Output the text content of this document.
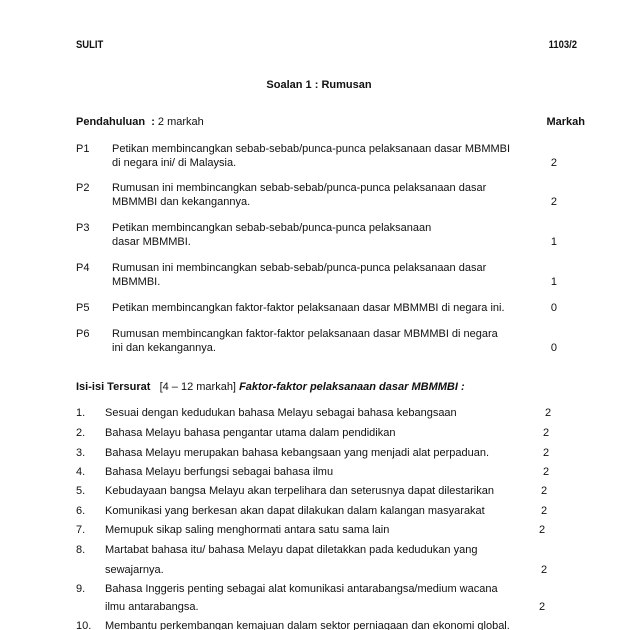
SULIT	1103/2
Soalan 1 : Rumusan
Pendahuluan : 2 markah	Markah
P1 Petikan membincangkan sebab-sebab/punca-punca pelaksanaan dasar MBMMBI
di negara ini/ di Malaysia.	2
P2 Rumusan ini membincangkan sebab-sebab/punca-punca pelaksanaan dasar
MBMMBI dan kekangannya.	2
P3 Petikan membincangkan sebab-sebab/punca-punca pelaksanaan
dasar MBMMBI.	1
P4 Rumusan ini membincangkan sebab-sebab/punca-punca pelaksanaan dasar
MBMMBI.	1
P5 Petikan membincangkan faktor-faktor pelaksanaan dasar MBMMBI di negara ini.	0
P6 Rumusan membincangkan faktor-faktor pelaksanaan dasar MBMMBI di negara
ini dan kekangannya.	0
Isi-isi Tersurat [4 – 12 markah] Faktor-faktor pelaksanaan dasar MBMMBI :
1. Sesuai dengan kedudukan bahasa Melayu sebagai bahasa kebangsaan	2
2. Bahasa Melayu bahasa pengantar utama dalam pendidikan	2
3. Bahasa Melayu merupakan bahasa kebangsaan yang menjadi alat perpaduan.	2
4. Bahasa Melayu berfungsi sebagai bahasa ilmu	2
5. Kebudayaan bangsa Melayu akan terpelihara dan seterusnya dapat dilestarikan	2
6. Komunikasi yang berkesan akan dapat dilakukan dalam kalangan masyarakat	2
7. Memupuk sikap saling menghormati antara satu sama lain	2
8. Martabat bahasa itu/ bahasa Melayu dapat diletakkan pada kedudukan yang
sewajarnya.	2
9. Bahasa Inggeris penting sebagai alat komunikasi antarabangsa/medium wacana
ilmu antarabangsa.	2
10. Membantu perkembangan kemajuan dalam sektor perniagaan dan ekonomi global.
